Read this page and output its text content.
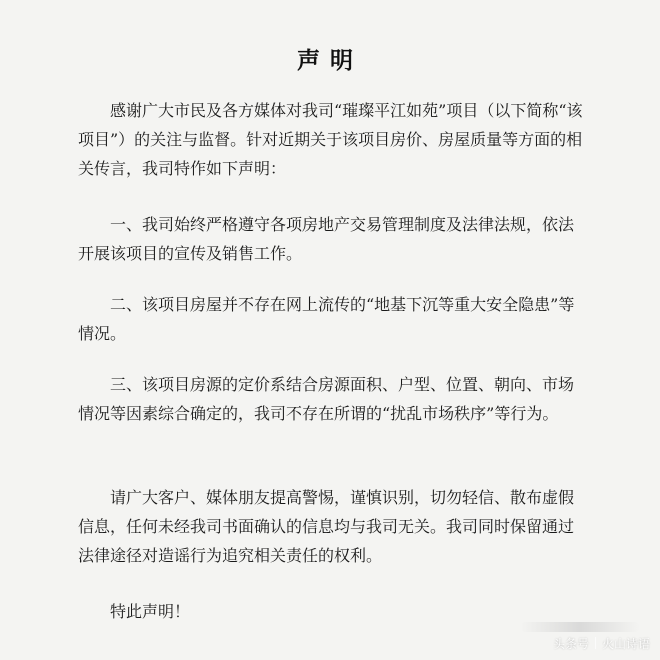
声明

感谢广大市民及各方媒体对我司“璀璨平江如苑”项目（以下简称“该项目”）的关注与监督。针对近期关于该项目房价、房屋质量等方面的相关传言，我司特作如下声明：

一、我司始终严格遵守各项房地产交易管理制度及法律法规，依法开展该项目的宣传及销售工作。

二、该项目房屋并不存在网上流传的“地基下沉等重大安全隐患”等情况。

三、该项目房源的定价系结合房源面积、户型、位置、朝向、市场情况等因素综合确定的，我司不存在所谓的“扰乱市场秩序”等行为。

请广大客户、媒体朋友提高警惕，谨慎识别，切勿轻信、散布虚假信息，任何未经我司书面确认的信息均与我司无关。我司同时保留通过法律途径对造谣行为追究相关责任的权利。

特此声明！

头条号 火山诗语
